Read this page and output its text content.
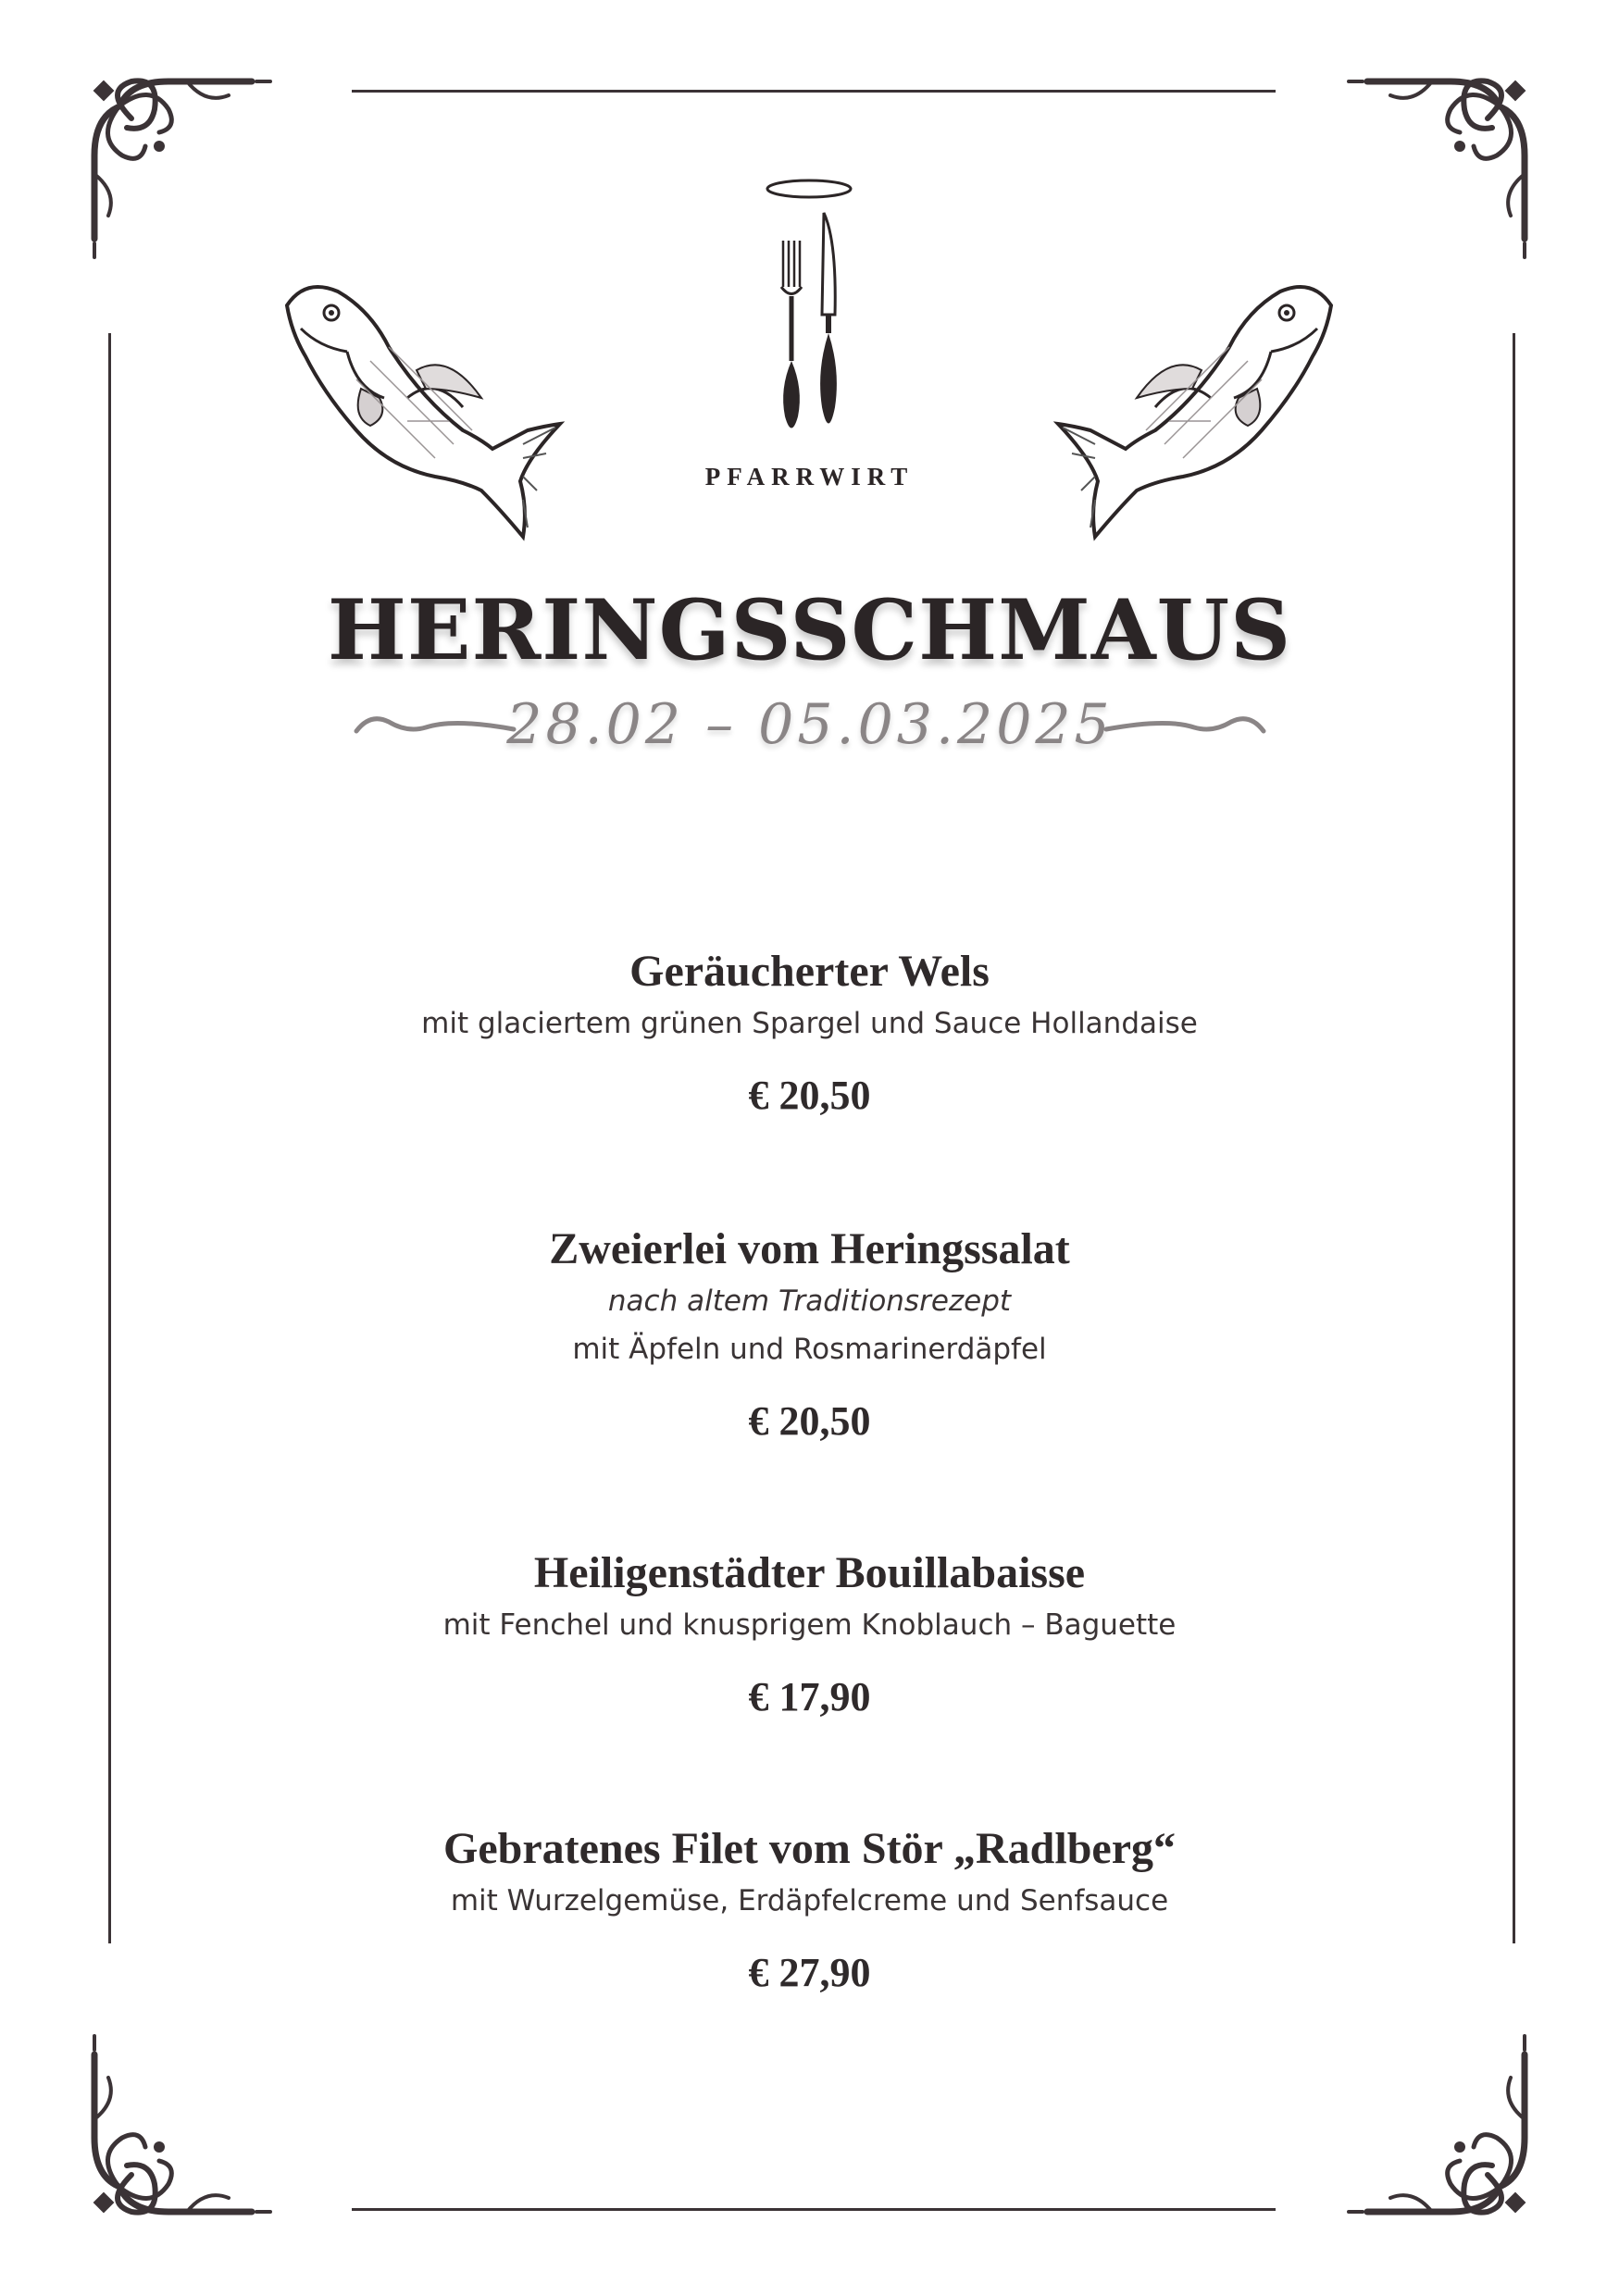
PFARRWIRT
HERINGSSCHMAUS
28.02 – 05.03.2025
Geräucherter Wels
mit glaciertem grünen Spargel und Sauce Hollandaise
€ 20,50
Zweierlei vom Heringssalat
nach altem Traditionsrezept
mit Äpfeln und Rosmarinerdäpfel
€ 20,50
Heiligenstädter Bouillabaisse
mit Fenchel und knusprigem Knoblauch – Baguette
€ 17,90
Gebratenes Filet vom Stör „Radlberg“
mit Wurzelgemüse, Erdäpfelcreme und Senfsauce
€ 27,90
